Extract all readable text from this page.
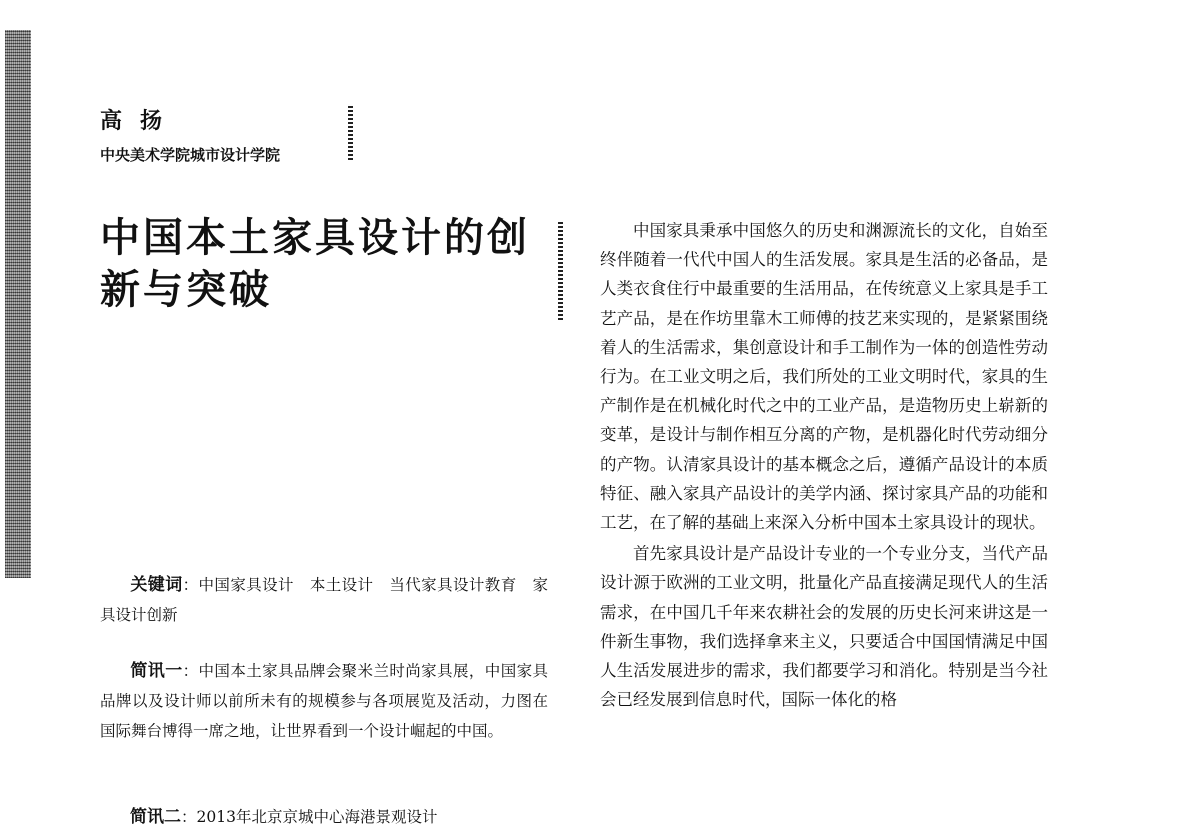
高扬
中央美术学院城市设计学院
中国本土家具设计的创新与突破
关键词：中国家具设计　本土设计　当代家具设计教育　家具设计创新
简讯一：中国本土家具品牌会聚米兰时尚家具展，中国家具品牌以及设计师以前所未有的规模参与各项展览及活动，力图在国际舞台博得一席之地，让世界看到一个设计崛起的中国。
简讯二：2013年北京京城中心海港景观设计

中国家具秉承中国悠久的历史和渊源流长的文化，自始至终伴随着一代代中国人的生活发展。家具是生活的必备品，是人类衣食住行中最重要的生活用品，在传统意义上家具是手工艺产品，是在作坊里靠木工师傅的技艺来实现的，是紧紧围绕着人的生活需求，集创意设计和手工制作为一体的创造性劳动行为。在工业文明之后，我们所处的工业文明时代，家具的生产制作是在机械化时代之中的工业产品，是造物历史上崭新的变革，是设计与制作相互分离的产物，是机器化时代劳动细分的产物。认清家具设计的基本概念之后，遵循产品设计的本质特征、融入家具产品设计的美学内涵、探讨家具产品的功能和工艺，在了解的基础上来深入分析中国本土家具设计的现状。

首先家具设计是产品设计专业的一个专业分支，当代产品设计源于欧洲的工业文明，批量化产品直接满足现代人的生活需求，在中国几千年来农耕社会的发展的历史长河来讲这是一件新生事物，我们选择拿来主义，只要适合中国国情满足中国人生活发展进步的需求，我们都要学习和消化。特别是当今社会已经发展到信息时代，国际一体化的格
